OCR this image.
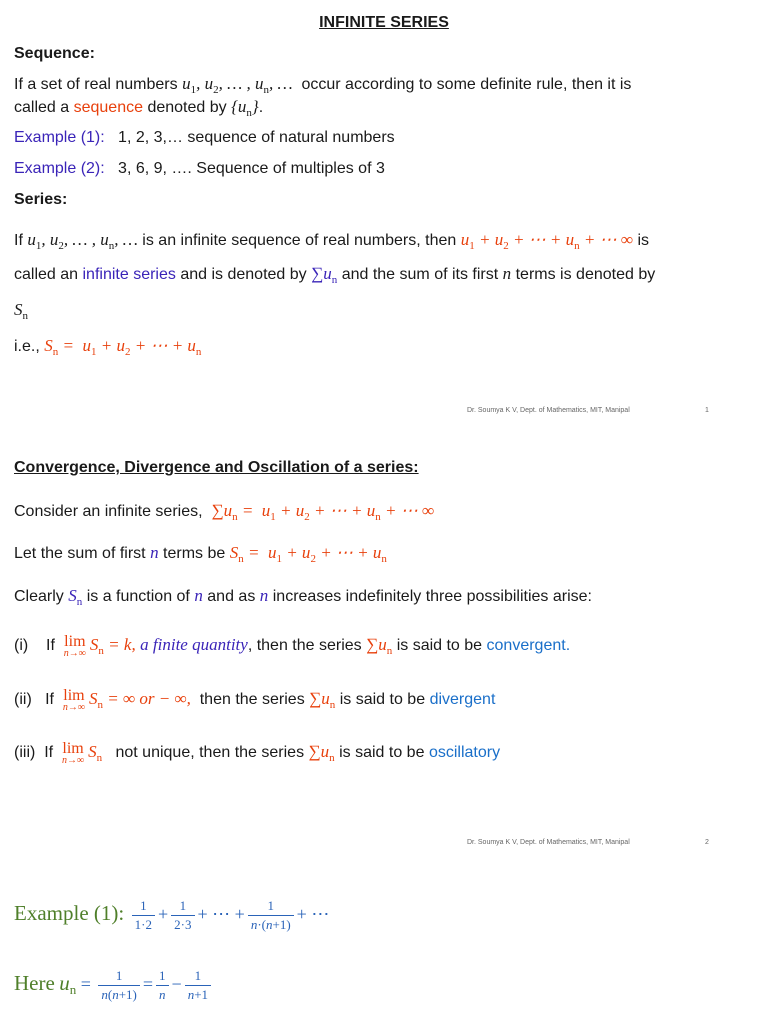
INFINITE SERIES
Sequence:
If a set of real numbers $u_1$, $u_2$, … , $u_n$, … occur according to some definite rule, then it is
called a sequence denoted by $\{u_n\}$.
Example (1): 1, 2, 3,… sequence of natural numbers
Example (2): 3, 6, 9, …. Sequence of multiples of 3
Series:
If $u_1$, $u_2$, … , $u_n$, … is an infinite sequence of real numbers, then $u_1 + u_2$ + ⋯ + $u_n$ + ⋯ ∞ is
called an infinite series and is denoted by $\sum u_n$ and the sum of its first n terms is denoted by
$S_n$
i.e., $S_n = u_1 + u_2$ + ⋯ + $u_n$
Dr. Soumya K V, Dept. of Mathematics, MIT, Manipal	1
Convergence, Divergence and Oscillation of a series:
Consider an infinite series, $\sum u_n = u_1 + u_2$ + ⋯ + $u_n$ + ⋯ ∞
Let the sum of first n terms be $S_n = u_1 + u_2$ + ⋯ + $u_n$
Clearly $S_n$ is a function of n and as n increases indefinitely three possibilities arise:
(i) If lim
n→∞ $S_n = k$, a finite quantity, then the series $\sum u_n$ is said to be convergent.
(ii) If lim
n→∞ $S_n$ = ∞ or − ∞, then the series $\sum u_n$ is said to be divergent
(iii) If lim
n→∞ $S_n$ not unique, then the series $\sum u_n$ is said to be oscillatory
Dr. Soumya K V, Dept. of Mathematics, MIT, Manipal	2
Example (1): $\frac{1}{1\cdot 2} + \frac{1}{2\cdot 3}$ + ⋯ + $\frac{1}{n\cdot(n+1)}$ + ⋯
Here un = $\frac{1}{n(n+1)} = \frac{1}{n} - \frac{1}{n+1}$
